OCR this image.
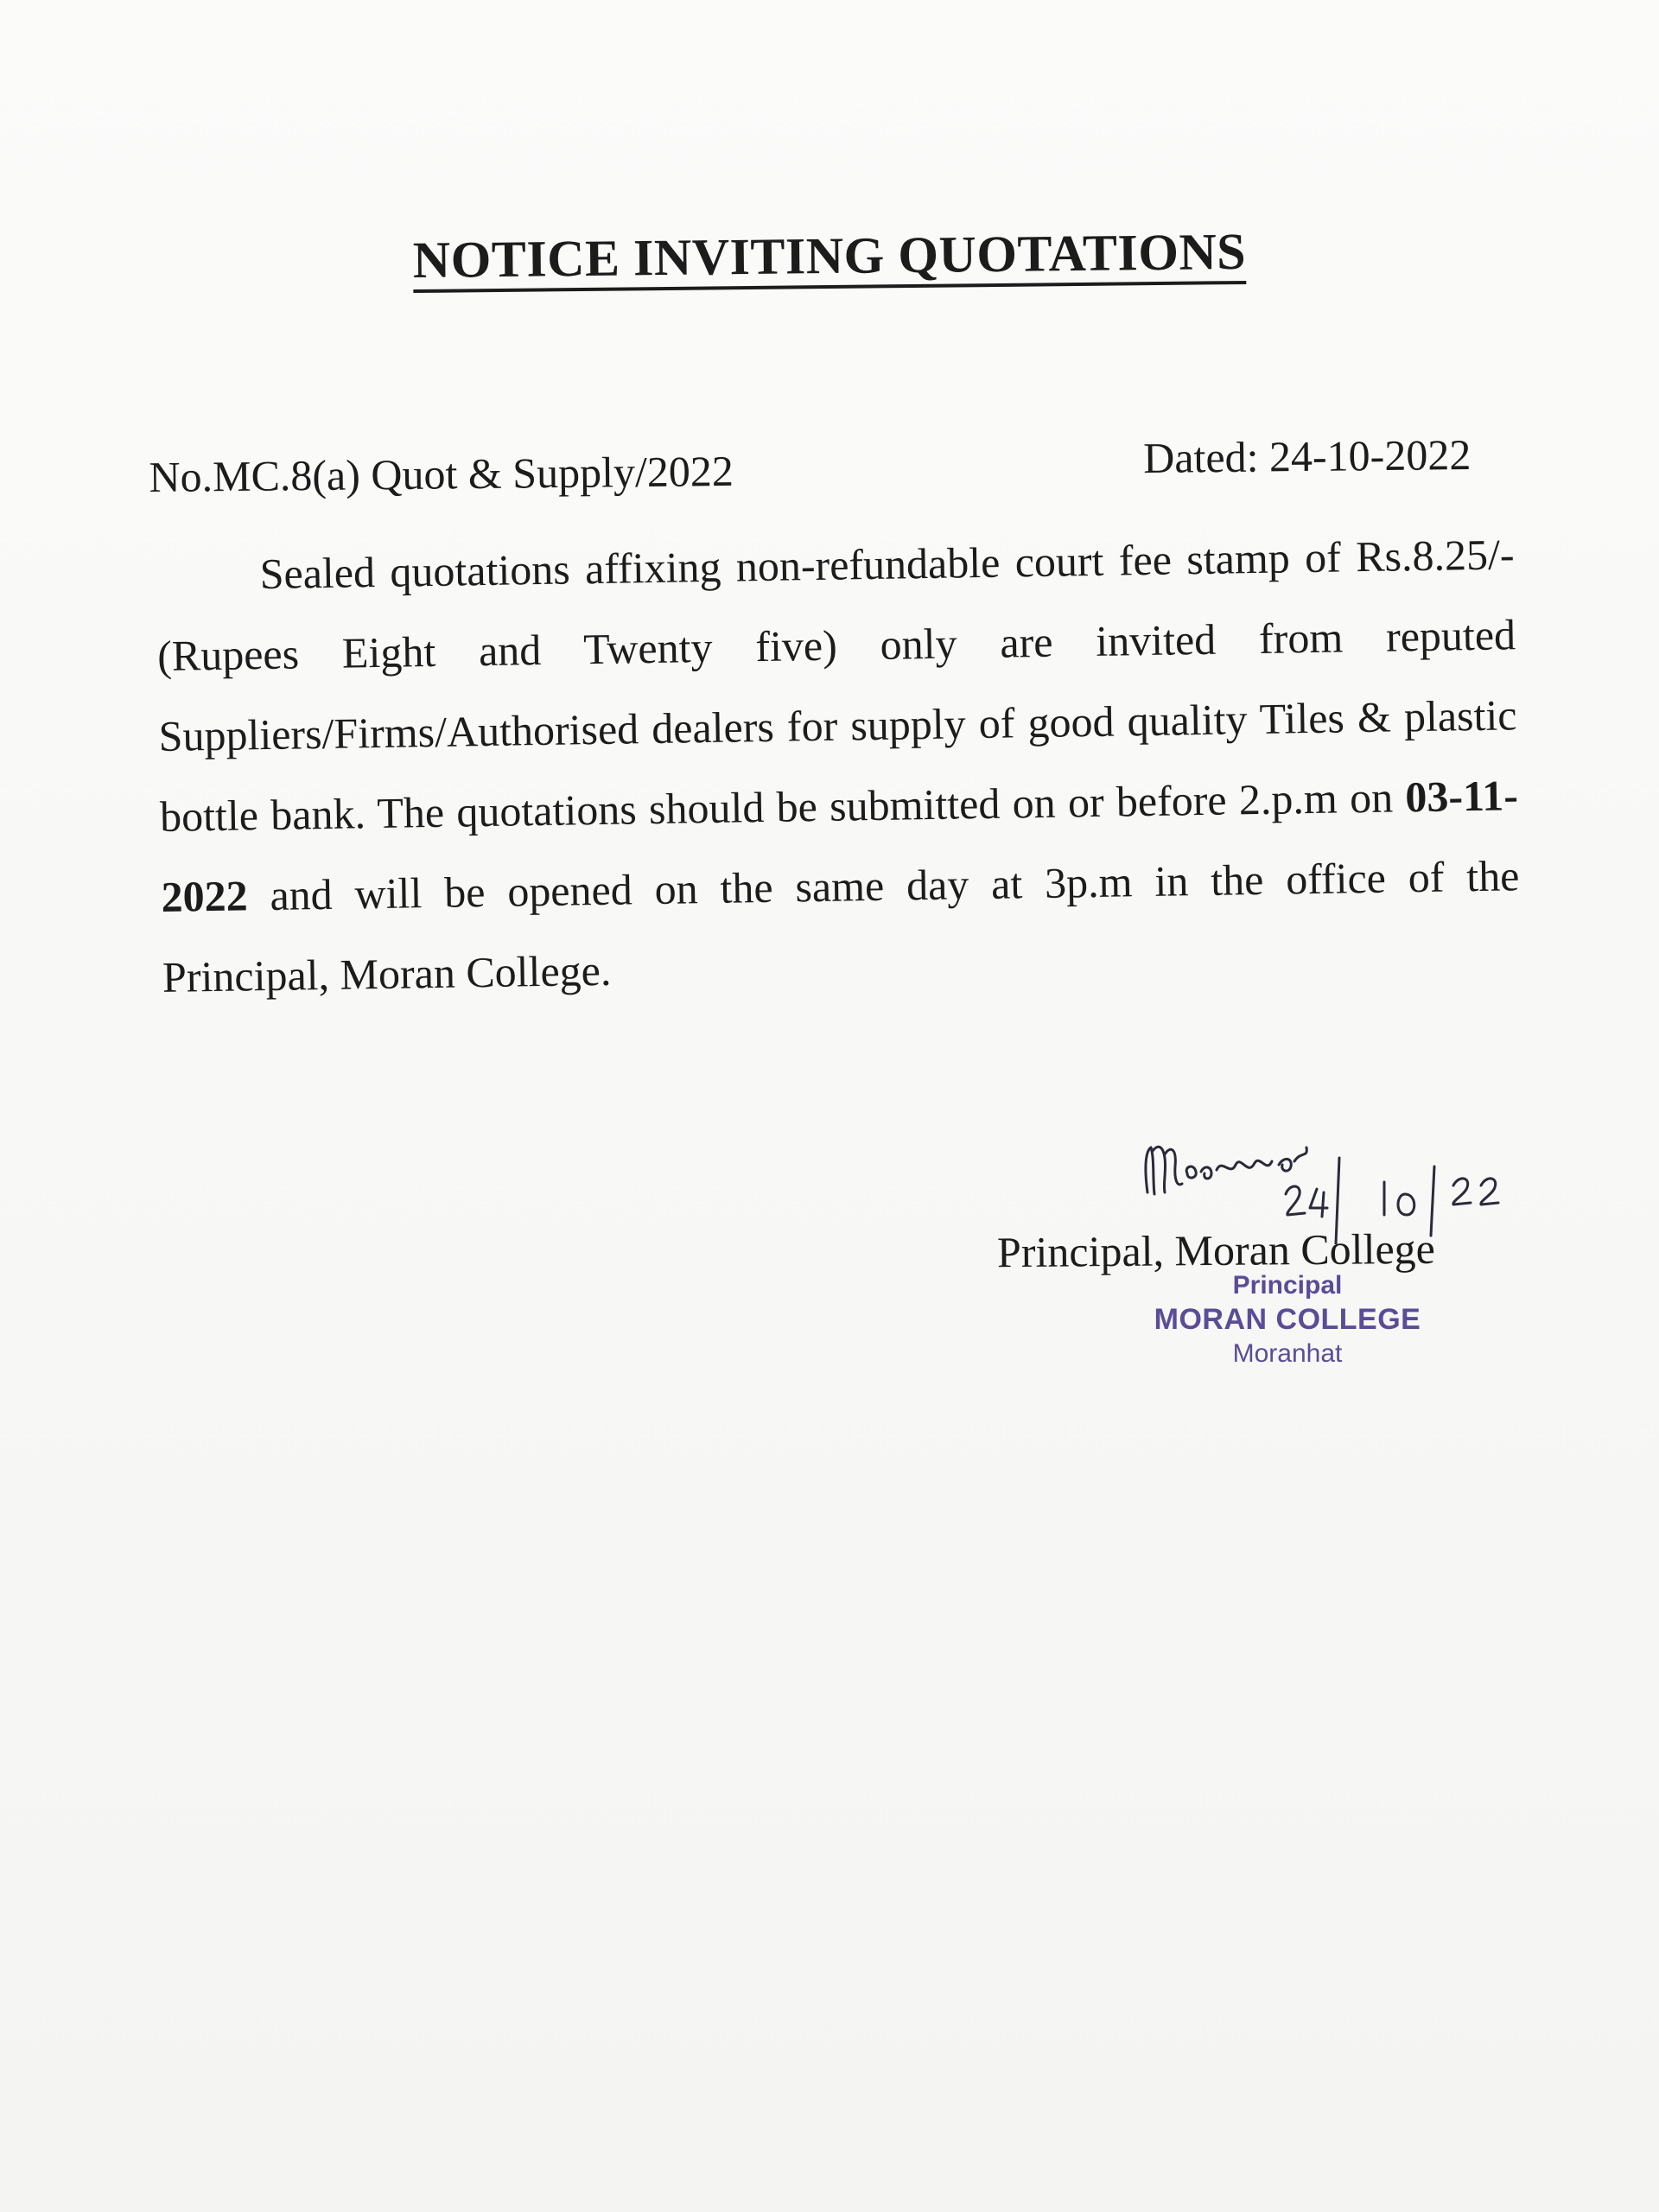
NOTICE INVITING QUOTATIONS
No.MC.8(a) Quot & Supply/2022	Dated: 24-10-2022

Sealed quotations affixing non-refundable court fee stamp of Rs.8.25/-(Rupees Eight and Twenty five) only are invited from reputed Suppliers/Firms/Authorised dealers for supply of good quality Tiles & plastic bottle bank. The quotations should be submitted on or before 2.p.m on 03-11-2022 and will be opened on the same day at 3p.m in the office of the Principal, Moran College.

Principal, Moran College
Principal
MORAN COLLEGE
Moranhat
